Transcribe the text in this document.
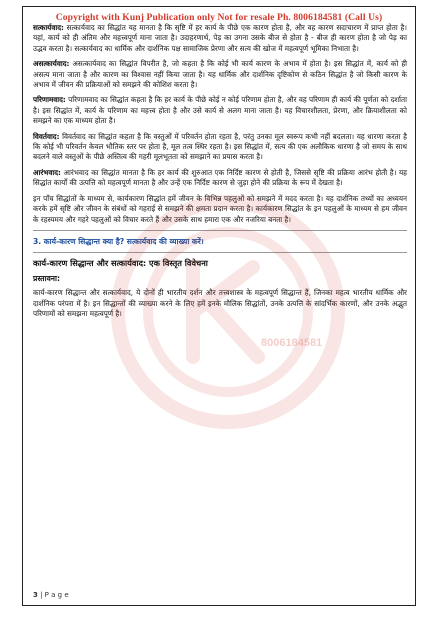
Copyright with Kunj Publication only Not for resale Ph. 8006184581 (Call Us)
8006184581

सत्कार्यवाद: सत्कार्यवाद का सिद्धांत यह मानता है कि सृष्टि में हर कार्य के पीछे एक कारण होता है, और वह कारण सदाचारण में प्राप्त होता है। यहां, कार्य को ही अंतिम और महत्त्वपूर्ण माना जाता है। उदाहरणार्थ, पेड़ का उगना उसके बीज से होता है - बीज ही कारण होता है जो पेड़ का उद्भव करता है। सत्कार्यवाद का धार्मिक और दार्शनिक पक्ष सामाजिक प्रेरणा और सत्य की खोज में महत्वपूर्ण भूमिका निभाता है।

असत्कार्यवाद: असत्कार्यवाद का सिद्धांत विपरीत है, जो कहता है कि कोई भी कार्य कारण के अभाव में होता है। इस सिद्धांत में, कार्य को ही असत्य माना जाता है और कारण का विश्वास नहीं किया जाता है। यह धार्मिक और दार्शनिक दृष्टिकोण से कठिन सिद्धांत है जो किसी कारण के अभाव में जीवन की प्रक्रियाओं को समझने की कोशिश करता है।

परिणामवाद: परिणामवाद का सिद्धांत कहता है कि हर कार्य के पीछे कोई न कोई परिणाम होता है, और वह परिणाम ही कार्य की पूर्णता को दर्शाता है। इस सिद्धांत में, कार्य के परिणाम का महत्त्व होता है और उसे कार्य से अलग माना जाता है। यह विचारशीलता, प्रेरणा, और क्रियाशीलता को समझने का एक माध्यम होता है।

विवर्तवाद: विवर्तवाद का सिद्धांत कहता है कि वस्तुओं में परिवर्तन होता रहता है, परंतु उनका मूल स्वरूप कभी नहीं बदलता। यह धारणा करता है कि कोई भी परिवर्तन केवल भौतिक स्तर पर होता है, मूल तत्व स्थिर रहता है। इस सिद्धांत में, सत्य की एक अलौकिक धारणा है जो समय के साथ बदलने वाले वस्तुओं के पीछे अस्तित्व की गहरी मूलभूतता को समझाने का प्रयास करता है।

आरंभवाद: आरंभवाद का सिद्धांत मानता है कि हर कार्य की शुरुआत एक निर्दिष्ट कारण से होती है, जिससे सृष्टि की प्रक्रिया आरंभ होती है। यह सिद्धांत कार्यों की उत्पत्ति को महत्वपूर्ण मानता है और उन्हें एक निर्दिष्ट कारण से जुड़ा होने की प्रक्रिया के रूप में देखता है।

इन पाँच सिद्धांतों के माध्यम से, कार्यकारण सिद्धांत हमें जीवन के विभिन्न पहलुओं को समझने में मदद करता है। यह दार्शनिक तथ्यों का अध्ययन करके हमें सृष्टि और जीवन के संबंधों को गहराई से समझने की क्षमता प्रदान करता है। कार्यकारण सिद्धांत के इन पहलुओं के माध्यम से हम जीवन के रहस्यमय और गहरे पहलुओं को विचार करते हैं और उसके साथ हमारा एक और नजरिया बनता है।

3. कार्य-कारण सिद्धान्त क्या है? सत्कार्यवाद की व्याख्या करें।
कार्य-कारण सिद्धान्त और सत्कार्यवाद: एक विस्तृत विवेचना
प्रस्तावना:

कार्य-कारण सिद्धान्त और सत्कार्यवाद, ये दोनों ही भारतीय दर्शन और तत्त्वशास्त्र के महत्वपूर्ण सिद्धान्त हैं, जिनका महत्व भारतीय धार्मिक और दार्शनिक परंपरा में है। इन सिद्धान्तों की व्याख्या करने के लिए हमें इनके मौलिक सिद्धांतों, उनके उत्पत्ति के सांदर्भिक कारणों, और उनके अद्भुत परिणामों को समझना महत्वपूर्ण है।

3 | P a g e
